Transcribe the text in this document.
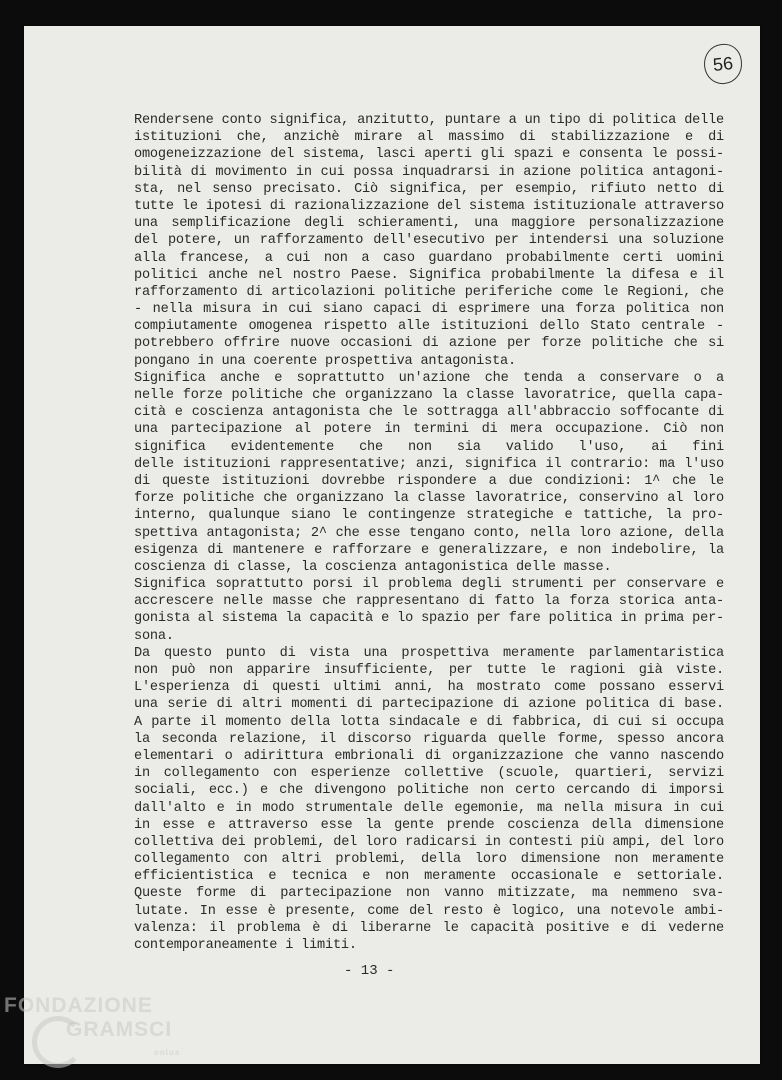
56
Rendersene conto significa, anzitutto, puntare a un tipo di politica delle
istituzioni che, anzichè mirare al massimo di stabilizzazione e di
omogeneizzazione del sistema, lasci aperti gli spazi e consenta le possi-
bilità di movimento in cui possa inquadrarsi in azione politica antagoni-
sta, nel senso precisato. Ciò significa, per esempio, rifiuto netto di
tutte le ipotesi di razionalizzazione del sistema istituzionale attraverso
una semplificazione degli schieramenti, una maggiore personalizzazione
del potere, un rafforzamento dell'esecutivo per intendersi una soluzione
alla francese, a cui non a caso guardano probabilmente certi uomini
politici anche nel nostro Paese. Significa probabilmente la difesa e il
rafforzamento di articolazioni politiche periferiche come le Regioni, che
- nella misura in cui siano capaci di esprimere una forza politica non
compiutamente omogenea rispetto alle istituzioni dello Stato centrale -
potrebbero offrire nuove occasioni di azione per forze politiche che si
pongano in una coerente prospettiva antagonista.
Significa anche e soprattutto un'azione che tenda a conservare o a
nelle forze politiche che organizzano la classe lavoratrice, quella capa-
cità e coscienza antagonista che le sottragga all'abbraccio soffocante di
una partecipazione al potere in termini di mera occupazione. Ciò non
significa evidentemente che non sia valido l'uso, ai fini
delle istituzioni rappresentative; anzi, significa il contrario: ma l'uso
di queste istituzioni dovrebbe rispondere a due condizioni: 1^ che le
forze politiche che organizzano la classe lavoratrice, conservino al loro
interno, qualunque siano le contingenze strategiche e tattiche, la pro-
spettiva antagonista; 2^ che esse tengano conto, nella loro azione, della
esigenza di mantenere e rafforzare e generalizzare, e non indebolire, la
coscienza di classe, la coscienza antagonistica delle masse.
Significa soprattutto porsi il problema degli strumenti per conservare e
accrescere nelle masse che rappresentano di fatto la forza storica anta-
gonista al sistema la capacità e lo spazio per fare politica in prima per-
sona.
Da questo punto di vista una prospettiva meramente parlamentaristica
non può non apparire insufficiente, per tutte le ragioni già viste.
L'esperienza di questi ultimi anni, ha mostrato come possano esservi
una serie di altri momenti di partecipazione di azione politica di base.
A parte il momento della lotta sindacale e di fabbrica, di cui si occupa
la seconda relazione, il discorso riguarda quelle forme, spesso ancora
elementari o adirittura embrionali di organizzazione che vanno nascendo
in collegamento con esperienze collettive (scuole, quartieri, servizi
sociali, ecc.) e che divengono politiche non certo cercando di imporsi
dall'alto e in modo strumentale delle egemonie, ma nella misura in cui
in esse e attraverso esse la gente prende coscienza della dimensione
collettiva dei problemi, del loro radicarsi in contesti più ampi, del loro
collegamento con altri problemi, della loro dimensione non meramente
efficientistica e tecnica e non meramente occasionale e settoriale.
Queste forme di partecipazione non vanno mitizzate, ma nemmeno sva-
lutate. In esse è presente, come del resto è logico, una notevole ambi-
valenza: il problema è di liberarne le capacità positive e di vederne
contemporaneamente i limiti.
- 13 -
FONDAZIONE
GRAMSCI
onlus
